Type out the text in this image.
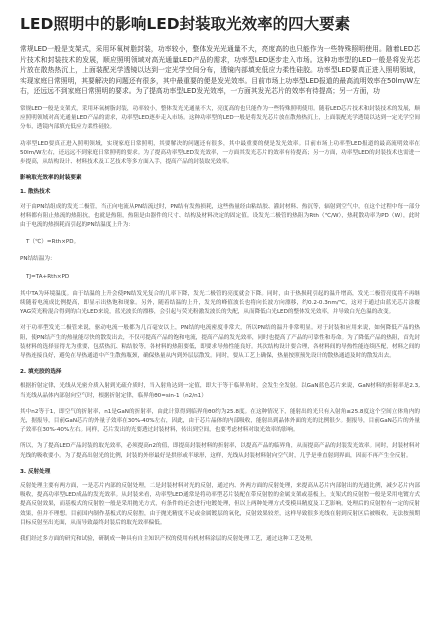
LED照明中的影响LED封装取光效率的四大要素

常规LED一般是支架式，采用环氧树脂封装，功率较小，整体发光光通量不大，亮度高的也只能作为一些特殊照明使用。随着LED芯片技术和封装技术的发展，顺应照明领域对高光通量LED产品的需求，功率型LED逐步走入市场。这种功率型的LED一般是将发光芯片放在散热热沉上，上面装配光学透镜以达到一定光学空间分布，透镜内部填充低应力柔性硅胶。功率型LED要真正进入照明领域，实现家庭日常照明，其要解决的问题还有很多，其中最重要的便是发光效率。目前市场上功率型LED报道的最高流明效率在50lm/W左右，还远远不到家庭日常照明的要求。为了提高功率型LED发光效率，一方面其发光芯片的效率有待提高；另一方面，功

常规LED一般是支架式，采用环氧树脂封装，功率较小，整体发光光通量不大，亮度高的也只能作为一些特殊照明使用。随着LED芯片技术和封装技术的发展，顺应照明领域对高光通量LED产品的需求，功率型LED逐步走入市场。这种功率型的LED一般是将发光芯片放在散热热沉上，上面装配光学透镜以达到一定光学空间分布，透镜内部填充低应力柔性硅胶。

功率型LED要真正进入照明领域，实现家庭日常照明，其要解决的问题还有很多，其中最重要的便是发光效率。目前市场上功率型LED报道的最高流明效率在50lm/W左右，还远远不到家庭日常照明的要求。为了提高功率型LED发光效率，一方面其发光芯片的效率有待提高；另一方面，功率型LED的封装技术也需进一步提高，从结构设计、材料技术及工艺技术等多方面入手，提高产品的封装取光效率。

影响取光效率的封装要素

1. 散热技术

对于由PN结组成的发光二极管，当正向电流从PN结流过时，PN结有发热损耗，这些热量经由粘结胶、灌封材料、热沉等，辐射到空气中，在这个过程中每一部分材料都有阻止热流的热阻抗，也就是热阻，热阻是由器件的尺寸、结构及材料决定的固定值。设发光二极管的热阻为Rth（℃/W），热耗散功率为PD（W），此时由于电流的热损耗而引起的PN结温度上升为：

T（℃）=Rth×PD。

PN结结温为：

TJ=TA+Rth×PD

其中TA为环境温度。由于结温的上升会使PN结发光复合的几率下降，发光二极管的亮度就会下降。同时，由于热损耗引起的温升增高，发光二极管亮度将不再继续随着电流成比例提高，即显示出热饱和现象。另外，随着结温的上升，发光的峰值波长也将向长波方向漂移，约0.2-0.3nm/℃，这对于通过由蓝光芯片涂覆YAG荧光粉混合得到的白光LED来说，蓝光波长的漂移，会引起与荧光粉激发波长的失配，从而降低白光LED的整体发光效率，并导致白光色温的改变。

对于功率型发光二极管来说，驱动电流一般都为几百毫安以上，PN结的电流密度非常大，所以PN结的温升非常明显。对于封装和应用来说，如何降低产品的热阻，使PN结产生的热量能尽快的散发出去，不仅可提高产品的饱和电流，提高产品的发光效率，同时也提高了产品的可靠性和寿命。为了降低产品的热阻，首先封装材料的选择显得尤为重要，包括热沉、粘结胶等，各材料的热阻要低，即要求导热性能良好。其次结构设计要合理，各材料间的导热性能连续匹配，材料之间的导热连接良好，避免在导热通道中产生散热瓶颈，确保热量从内到外层层散发。同时，要从工艺上确保，热量按照预先设计的散热通道及时的散发出去。

2. 填充胶的选择

根据折射定律，光线从光密介质入射到光疏介质时，当入射角达到一定值，即大于等于临界角时，会发生全发射。以GaN蓝色芯片来说，GaN材料的折射率是2.3,当光线从晶体内部射向空气时，根据折射定律，临界角θ0=sin-1（n2/n1）

其中n2等于1，即空气的折射率，n1是GaN的折射率，由此计算得到临界角θ0约为25.8度。在这种情况下，能射出的光只有入射角≤25.8度这个空间立体角内的光，据报导，目前GaN芯片的外量子效率在30%-40%左右，因此，由于芯片晶体的内部吸收，能射出到晶体外面的光的比例很少。据报导，目前GaN芯片的外量子效率在30%-40%左右。同样，芯片发出的光要透过封装材料，传出到空间，也要考虑材料对取光效率的影响。

所以，为了提高LED产品封装的取光效率，必须提高n2的值，即提高封装材料的折射率，以提高产品的临界角，从而提高产品的封装发光效率。同时，封装材料对光线的吸收要小。为了提高出射光的比例，封装的外形最好是拱形或半球形，这样，光线从封装材料射向空气时，几乎是垂直射到界面，因而不再产生全反射。

3. 反射处理

反射处理主要有两方面，一是芯片内部的反射处理，二是封装材料对光的反射，通过内、外两方面的反射处理，来提高从芯片内部射出的光通比例，减少芯片内部吸收，提高功率型LED成品的发光效率。从封装来看，功率型LED通常是将功率型芯片装配在带反射腔的金属支架或基板上，支架式的反射腔一般是采用电镀方式提高反射效果，而基板式的反射腔一般是采用抛光方式，有条件的还会进行电镀处理，但以上两种处理方式受模具精度及工艺影响，处理后的反射腔有一定的反射效果，但并不理想。目前国内制作基板式的反射腔，由于抛光精度不足或金属镀层的氧化，反射效果较差，这样导致很多光线在射到反射区后被吸收，无法按预期目标反射至出光面，从而导致最终封装后的取光效率偏低。

我们经过多方面的研究和试验，研制成一种具有自主知识产权的使用有机材料涂层的反射处理工艺，通过这种工艺处理，
